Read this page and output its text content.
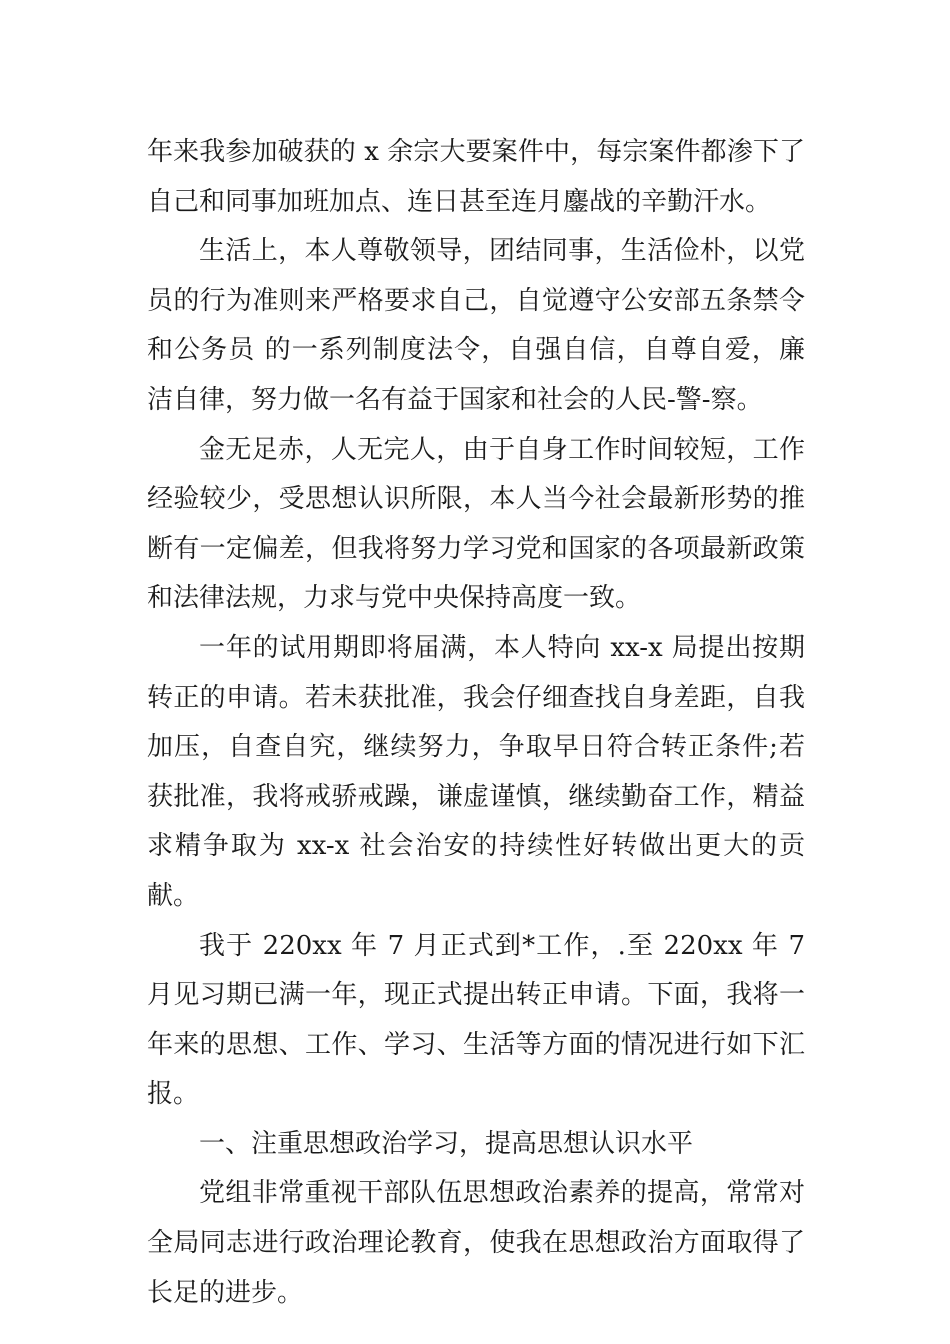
年来我参加破获的 x 余宗大要案件中，每宗案件都渗下了自己和同事加班加点、连日甚至连月鏖战的辛勤汗水。

生活上，本人尊敬领导，团结同事，生活俭朴，以党员的行为准则来严格要求自己，自觉遵守公安部五条禁令和公务员 的一系列制度法令，自强自信，自尊自爱，廉洁自律，努力做一名有益于国家和社会的人民-警-察。

金无足赤，人无完人，由于自身工作时间较短，工作经验较少，受思想认识所限，本人当今社会最新形势的推断有一定偏差，但我将努力学习党和国家的各项最新政策和法律法规，力求与党中央保持高度一致。

一年的试用期即将届满，本人特向 xx-x 局提出按期转正的申请。若未获批准，我会仔细查找自身差距，自我加压，自查自究，继续努力，争取早日符合转正条件;若获批准，我将戒骄戒躁，谦虚谨慎，继续勤奋工作，精益求精争取为 xx-x 社会治安的持续性好转做出更大的贡献。

我于 220xx 年 7 月正式到*工作，.至 220xx 年 7 月见习期已满一年，现正式提出转正申请。下面，我将一年来的思想、工作、学习、生活等方面的情况进行如下汇报。

一、注重思想政治学习，提高思想认识水平

党组非常重视干部队伍思想政治素养的提高，常常对全局同志进行政治理论教育，使我在思想政治方面取得了长足的进步。
